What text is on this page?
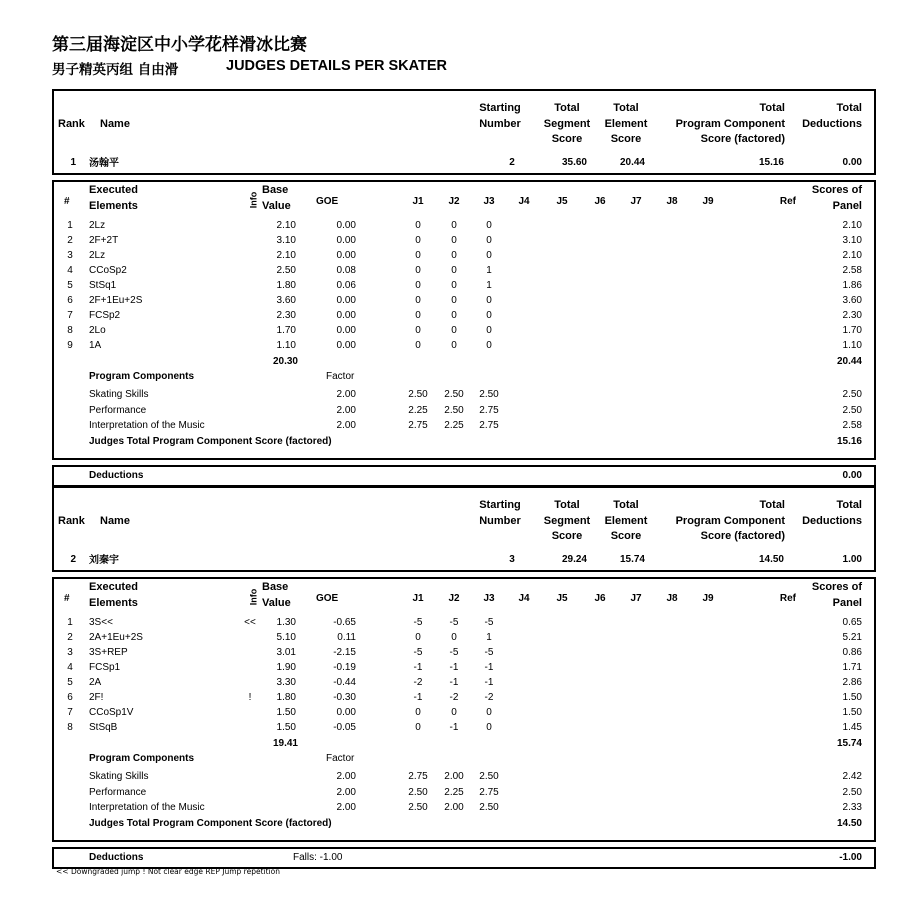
第三届海淀区中小学花样滑冰比赛
男子精英丙组 自由滑	JUDGES DETAILS PER SKATER
Rank Name
Starting
Number
Total
Segment
Score
Total
Element
Score
Total
Program Component
Score (factored)
Total
Deductions
1 汤翰平	2	35.60	20.44	15.16	0.00
#
Executed
Elements	Info
Base
Value	GOE	J1	J2	J3	J4	J5	J6	J7	J8	J9	Ref
Scores of
Panel
1	2Lz	2.10	0.00	0	0	0	2.10
2	2F+2T	3.10	0.00	0	0	0	3.10
3	2Lz	2.10	0.00	0	0	0	2.10
4	CCoSp2	2.50	0.08	0	0	1	2.58
5	StSq1	1.80	0.06	0	0	1	1.86
6	2F+1Eu+2S	3.60	0.00	0	0	0	3.60
7	FCSp2	2.30	0.00	0	0	0	2.30
8	2Lo	1.70	0.00	0	0	0	1.70
9	1A	1.10	0.00	0	0	0	1.10
20.30	20.44
Program Components	Factor
Skating Skills	2.00	2.50	2.50	2.50	2.50
Performance	2.00	2.25	2.50	2.75	2.50
Interpretation of the Music	2.00	2.75	2.25	2.75	2.58
Judges Total Program Component Score (factored)	15.16
Deductions	0.00
Rank Name
Starting
Number
Total
Segment
Score
Total
Element
Score
Total
Program Component
Score (factored)
Total
Deductions
2 刘秦宇	3	29.24	15.74	14.50	1.00
#
Executed
Elements	Info
Base
Value	GOE	J1	J2	J3	J4	J5	J6	J7	J8	J9	Ref
Scores of
Panel
1	3S<<	<<	1.30	-0.65	-5	-5	-5	0.65
2	2A+1Eu+2S	5.10	0.11	0	0	1	5.21
3	3S+REP	3.01	-2.15	-5	-5	-5	0.86
4	FCSp1	1.90	-0.19	-1	-1	-1	1.71
5	2A	3.30	-0.44	-2	-1	-1	2.86
6	2F!	!	1.80	-0.30	-1	-2	-2	1.50
7	CCoSp1V	1.50	0.00	0	0	0	1.50
8	StSqB	1.50	-0.05	0	-1	0	1.45
19.41	15.74
Program Components	Factor
Skating Skills	2.00	2.75	2.00	2.50	2.42
Performance	2.00	2.50	2.25	2.75	2.50
Interpretation of the Music	2.00	2.50	2.00	2.50	2.33
Judges Total Program Component Score (factored)	14.50
Deductions	Falls: -1.00	-1.00
<< Downgraded jump ! Not clear edge REP Jump repetition
